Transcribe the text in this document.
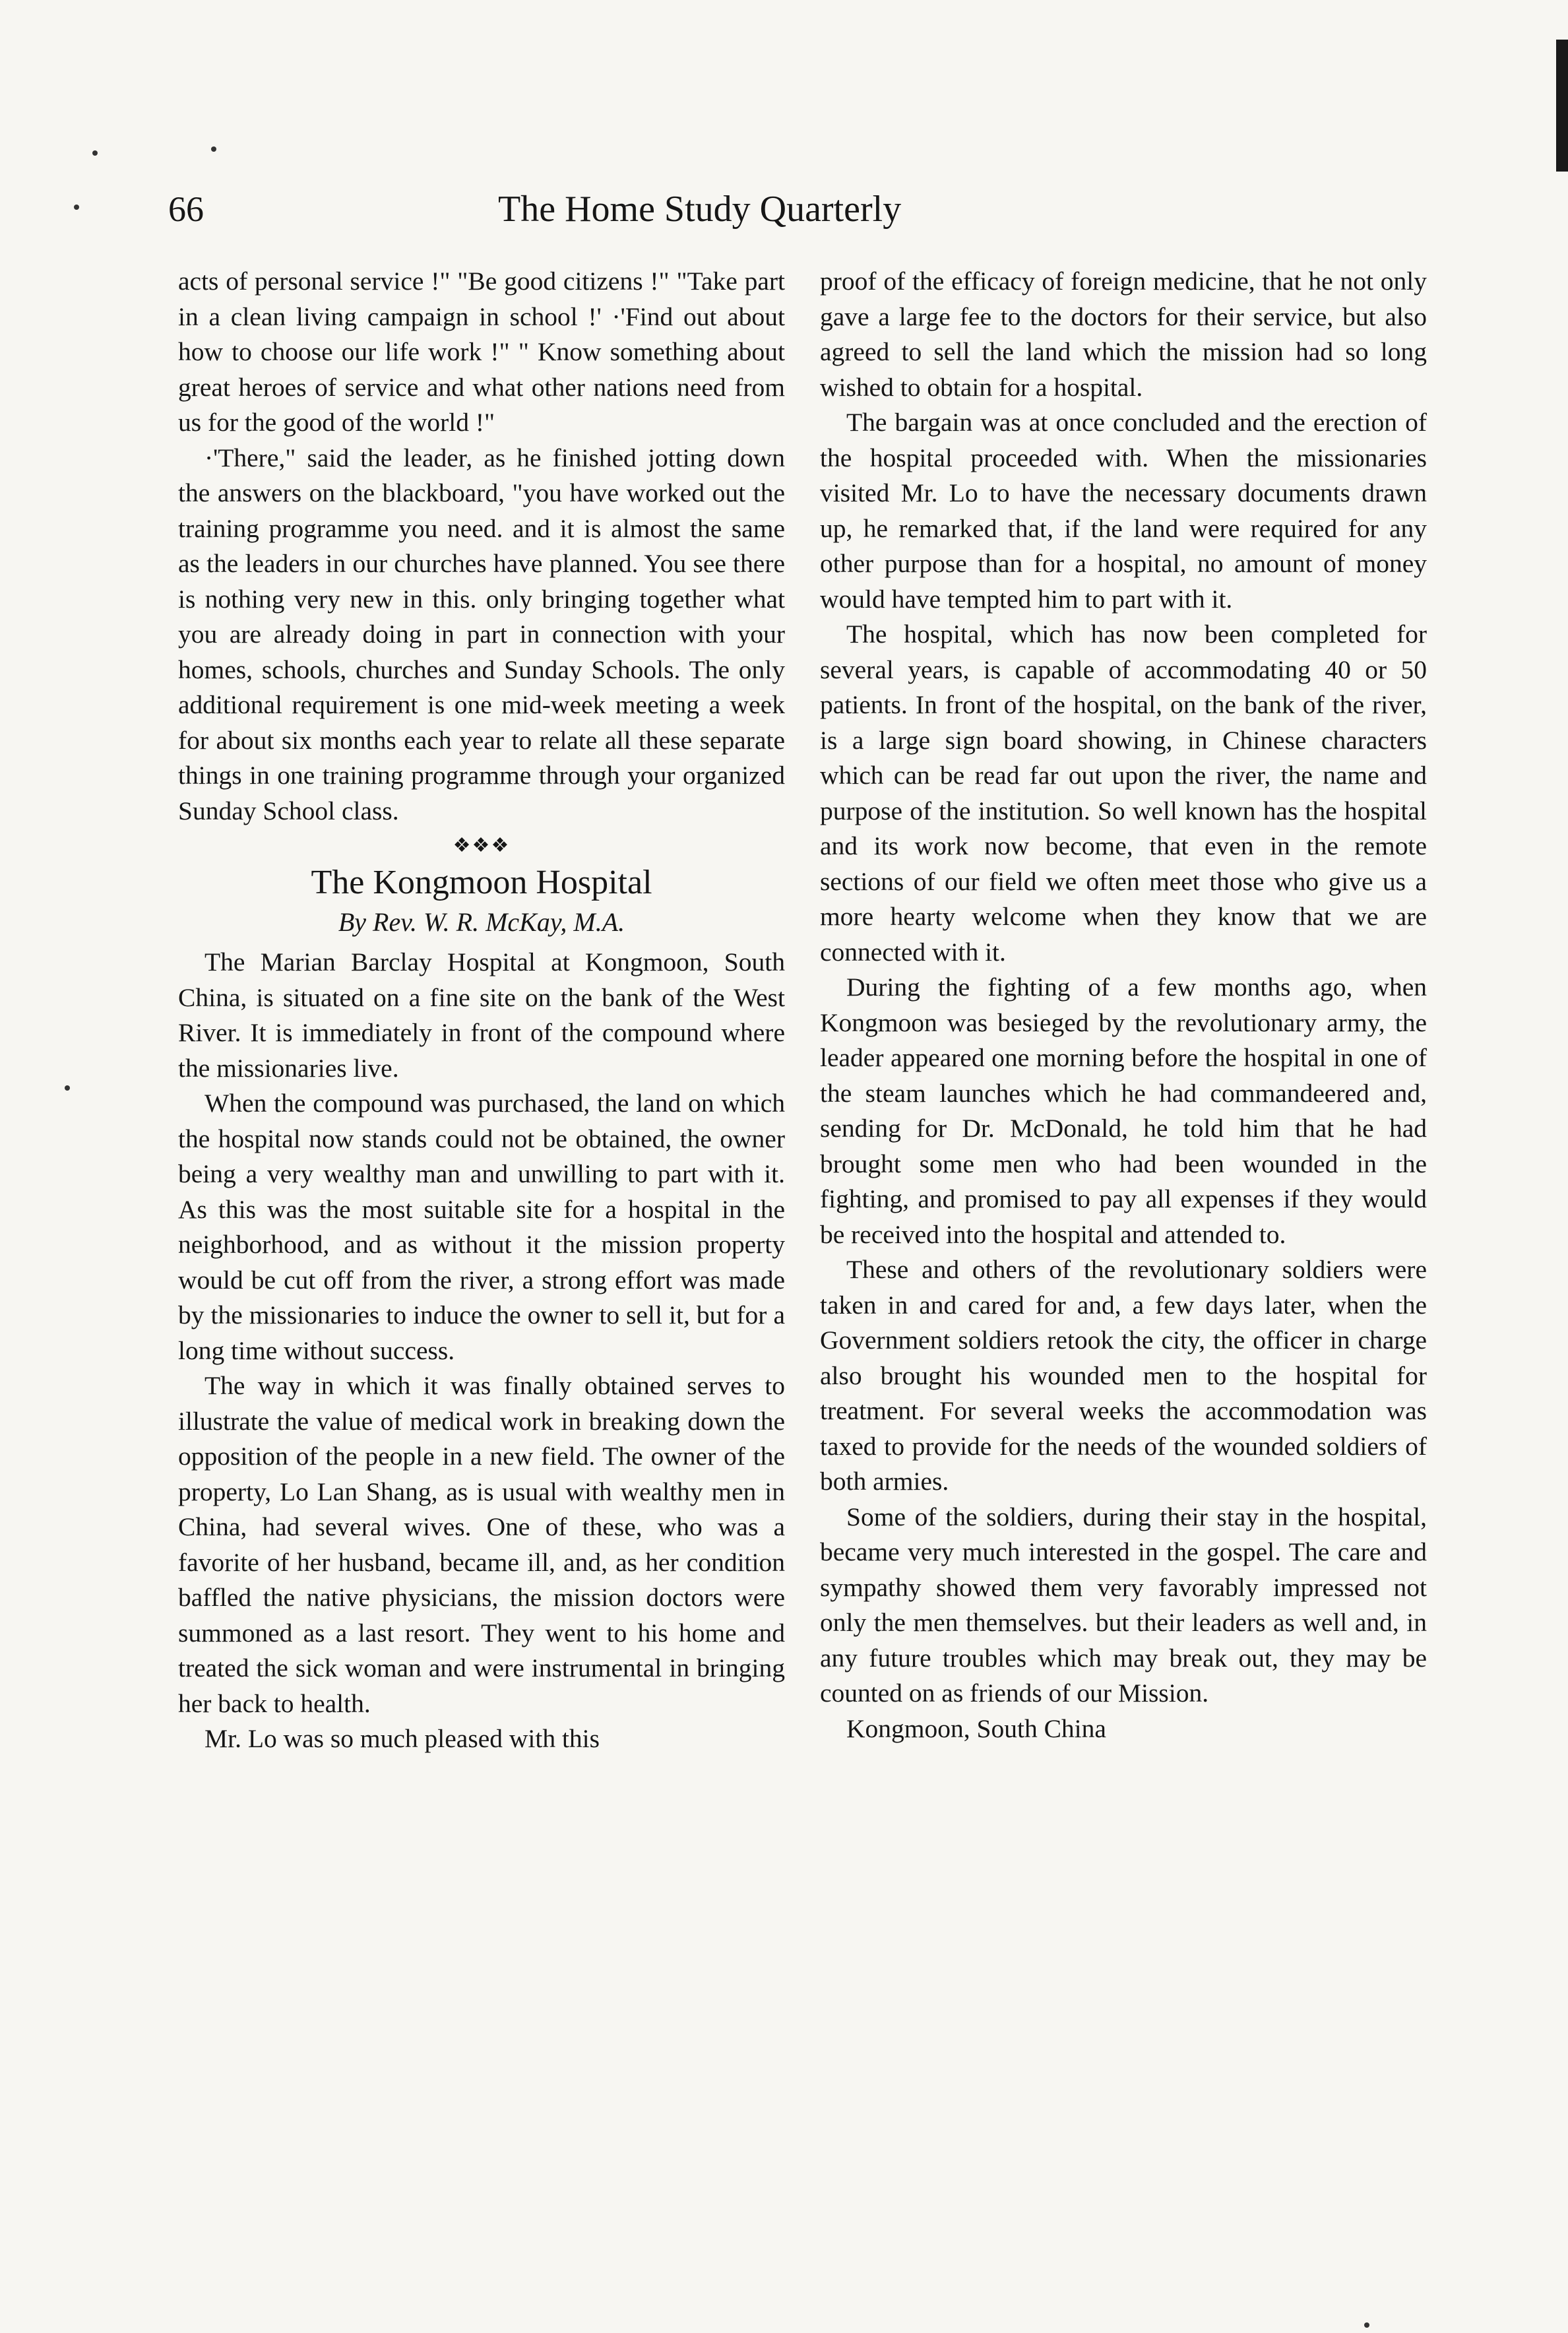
66	The Home Study Quarterly

acts of personal service !" "Be good citizens !" "Take part in a clean living campaign in school !' ·'Find out about how to choose our life work !" " Know something about great heroes of service and what other nations need from us for the good of the world !"

·'There," said the leader, as he finished jotting down the answers on the blackboard, "you have worked out the training programme you need. and it is almost the same as the leaders in our churches have planned. You see there is nothing very new in this. only bringing together what you are already doing in part in connection with your homes, schools, churches and Sunday Schools. The only additional requirement is one mid-week meeting a week for about six months each year to relate all these separate things in one training programme through your organized Sunday School class.

❖❖❖
The Kongmoon Hospital
By Rev. W. R. McKay, M.A.

The Marian Barclay Hospital at Kongmoon, South China, is situated on a fine site on the bank of the West River. It is immediately in front of the compound where the missionaries live.

When the compound was purchased, the land on which the hospital now stands could not be obtained, the owner being a very wealthy man and unwilling to part with it. As this was the most suitable site for a hospital in the neighborhood, and as without it the mission property would be cut off from the river, a strong effort was made by the missionaries to induce the owner to sell it, but for a long time without success.

The way in which it was finally obtained serves to illustrate the value of medical work in breaking down the opposition of the people in a new field. The owner of the property, Lo Lan Shang, as is usual with wealthy men in China, had several wives. One of these, who was a favorite of her husband, became ill, and, as her condition baffled the native physicians, the mission doctors were summoned as a last resort. They went to his home and treated the sick woman and were instrumental in bringing her back to health.

Mr. Lo was so much pleased with this

proof of the efficacy of foreign medicine, that he not only gave a large fee to the doctors for their service, but also agreed to sell the land which the mission had so long wished to obtain for a hospital.

The bargain was at once concluded and the erection of the hospital proceeded with. When the missionaries visited Mr. Lo to have the necessary documents drawn up, he remarked that, if the land were required for any other purpose than for a hospital, no amount of money would have tempted him to part with it.

The hospital, which has now been completed for several years, is capable of accommodating 40 or 50 patients. In front of the hospital, on the bank of the river, is a large sign board showing, in Chinese characters which can be read far out upon the river, the name and purpose of the institution. So well known has the hospital and its work now become, that even in the remote sections of our field we often meet those who give us a more hearty welcome when they know that we are connected with it.

During the fighting of a few months ago, when Kongmoon was besieged by the revolutionary army, the leader appeared one morning before the hospital in one of the steam launches which he had commandeered and, sending for Dr. McDonald, he told him that he had brought some men who had been wounded in the fighting, and promised to pay all expenses if they would be received into the hospital and attended to.

These and others of the revolutionary soldiers were taken in and cared for and, a few days later, when the Government soldiers retook the city, the officer in charge also brought his wounded men to the hospital for treatment. For several weeks the accommodation was taxed to provide for the needs of the wounded soldiers of both armies.

Some of the soldiers, during their stay in the hospital, became very much interested in the gospel. The care and sympathy showed them very favorably impressed not only the men themselves. but their leaders as well and, in any future troubles which may break out, they may be counted on as friends of our Mission.

Kongmoon, South China
